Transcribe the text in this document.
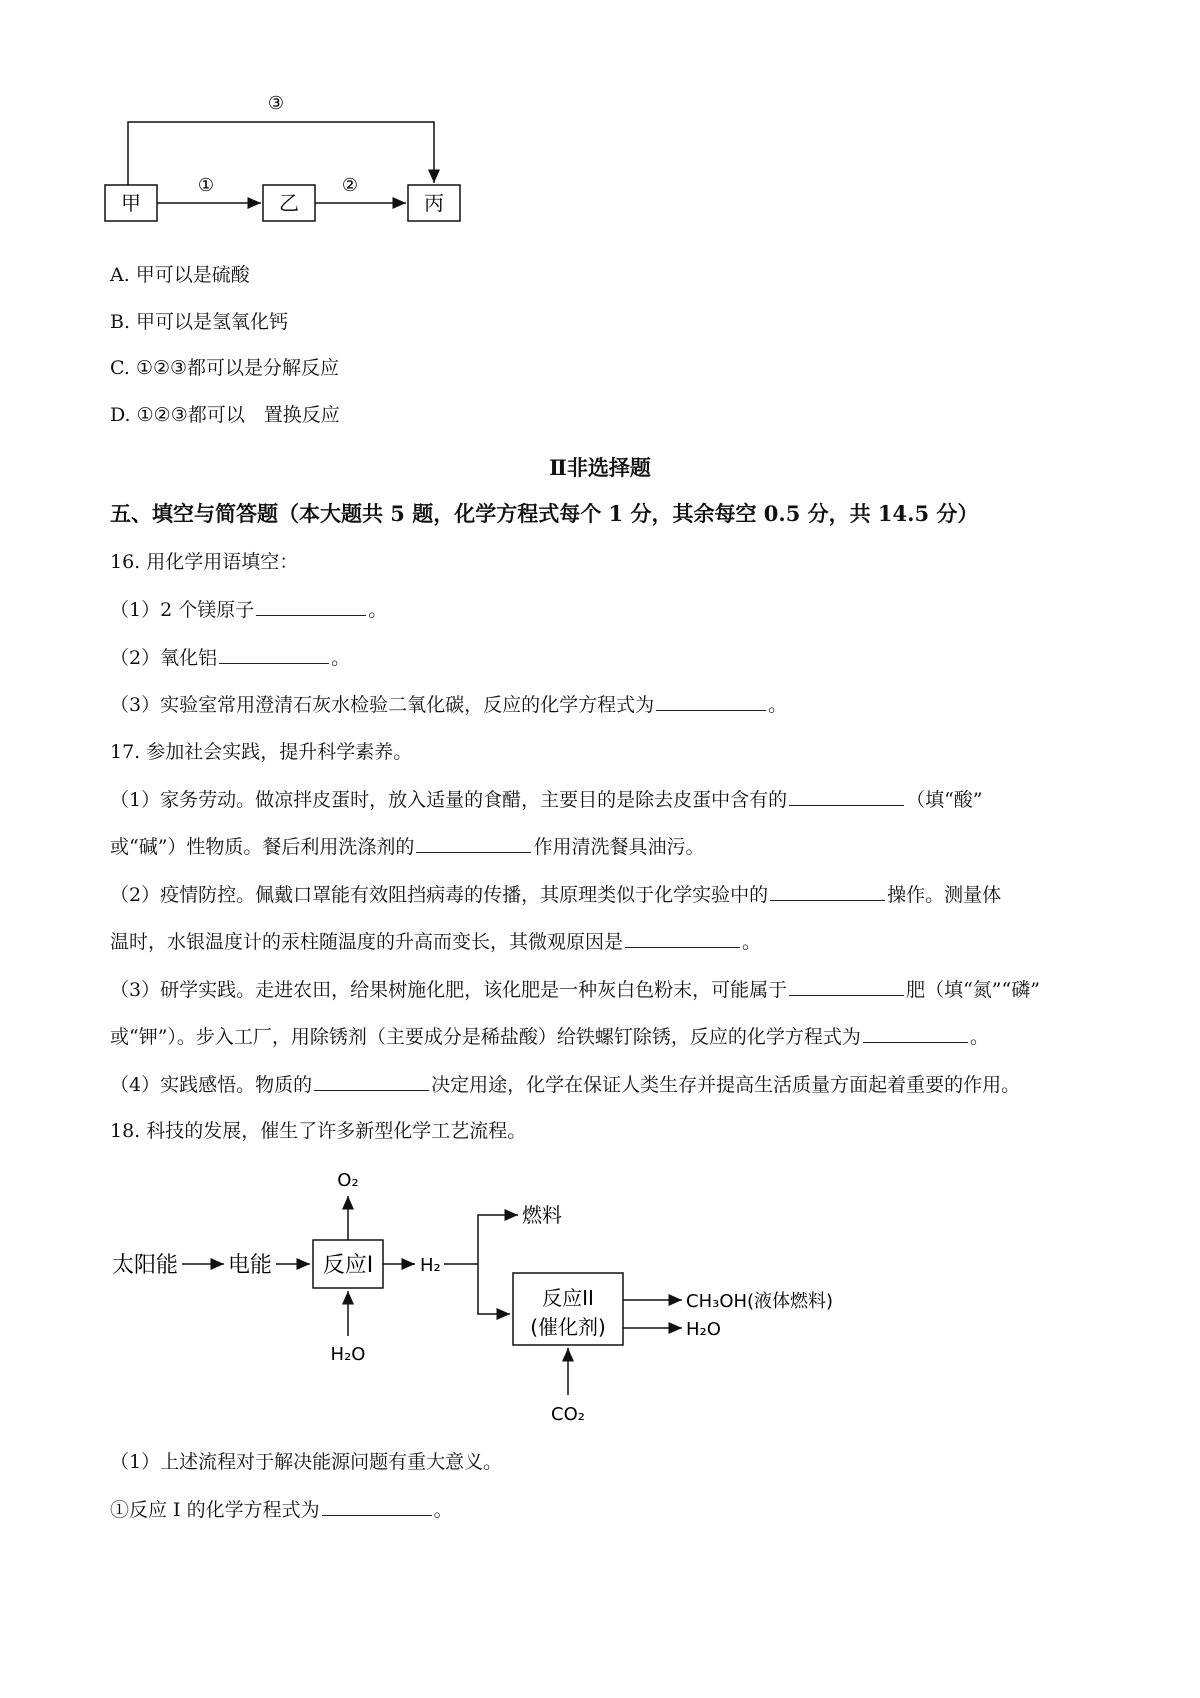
甲	乙	丙
①	②
③
A. 甲可以是硫酸
B. 甲可以是氢氧化钙
C. ①②③都可以是分解反应
D. ①②③都可以　置换反应
Ⅱ非选择题
五、填空与简答题（本大题共 5 题，化学方程式每个 1 分，其余每空 0.5 分，共 14.5 分）
16. 用化学用语填空：
（1）2 个镁原子	。
（2）氧化铝	。
（3）实验室常用澄清石灰水检验二氧化碳，反应的化学方程式为	。
17. 参加社会实践，提升科学素养。
（1）家务劳动。做凉拌皮蛋时，放入适量的食醋，主要目的是除去皮蛋中含有的	（填“酸”
或“碱”）性物质。餐后利用洗涤剂的	作用清洗餐具油污。
（2）疫情防控。佩戴口罩能有效阻挡病毒的传播，其原理类似于化学实验中的	操作。测量体
温时，水银温度计的汞柱随温度的升高而变长，其微观原因是	。
（3）研学实践。走进农田，给果树施化肥，该化肥是一种灰白色粉末，可能属于	肥（填“氮”“磷”
或“钾”）。步入工厂，用除锈剂（主要成分是稀盐酸）给铁螺钉除锈，反应的化学方程式为	。
（4）实践感悟。物质的	决定用途，化学在保证人类生存并提高生活质量方面起着重要的作用。
18. 科技的发展，催生了许多新型化学工艺流程。
太阳能 电能 反应I
O₂
H₂O
H₂
燃料
反应II
(催化剂)
CH₃OH(液体燃料)
H₂O
CO₂
（1）上述流程对于解决能源问题有重大意义。
①反应 I 的化学方程式为	。
